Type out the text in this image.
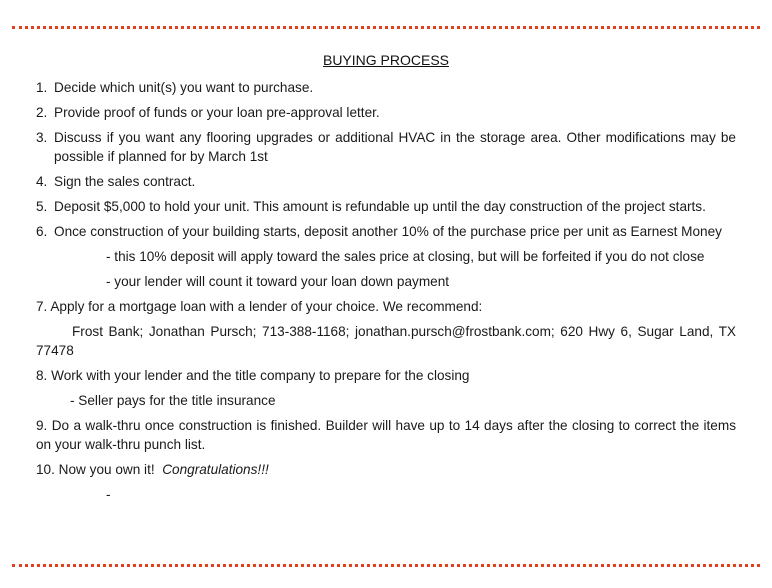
BUYING PROCESS
1. Decide which unit(s) you want to purchase.
2. Provide proof of funds or your loan pre-approval letter.
3. Discuss if you want any flooring upgrades or additional HVAC in the storage area. Other modifications may be possible if planned for by March 1st
4. Sign the sales contract.
5. Deposit $5,000 to hold your unit. This amount is refundable up until the day construction of the project starts.
6. Once construction of your building starts, deposit another 10% of the purchase price per unit as Earnest Money
- this 10% deposit will apply toward the sales price at closing, but will be forfeited if you do not close
- your lender will count it toward your loan down payment
7. Apply for a mortgage loan with a lender of your choice. We recommend:
Frost Bank; Jonathan Pursch; 713-388-1168; jonathan.pursch@frostbank.com; 620 Hwy 6, Sugar Land, TX 77478
8. Work with your lender and the title company to prepare for the closing
- Seller pays for the title insurance
9. Do a walk-thru once construction is finished. Builder will have up to 14 days after the closing to correct the items on your walk-thru punch list.
10. Now you own it! Congratulations!!!
-
